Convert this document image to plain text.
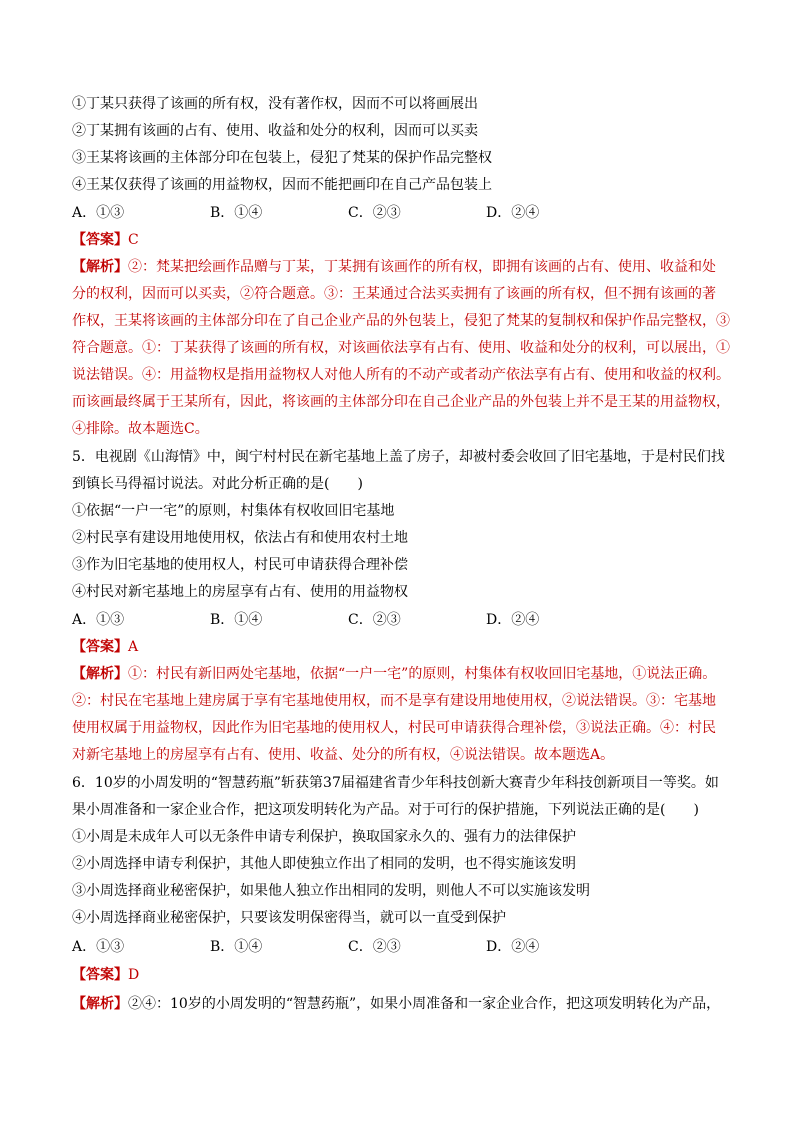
①丁某只获得了该画的所有权，没有著作权，因而不可以将画展出
②丁某拥有该画的占有、使用、收益和处分的权利，因而可以买卖
③王某将该画的主体部分印在包装上，侵犯了梵某的保护作品完整权
④王某仅获得了该画的用益物权，因而不能把画印在自己产品包装上
A．①③	B．①④	C．②③	D．②④
【答案】C
【解析】②：梵某把绘画作品赠与丁某，丁某拥有该画作的所有权，即拥有该画的占有、使用、收益和处
分的权利，因而可以买卖，②符合题意。③：王某通过合法买卖拥有了该画的所有权，但不拥有该画的著
作权，王某将该画的主体部分印在了自己企业产品的外包装上，侵犯了梵某的复制权和保护作品完整权，③
符合题意。①：丁某获得了该画的所有权，对该画依法享有占有、使用、收益和处分的权利，可以展出，①
说法错误。④：用益物权是指用益物权人对他人所有的不动产或者动产依法享有占有、使用和收益的权利。
而该画最终属于王某所有，因此，将该画的主体部分印在自己企业产品的外包装上并不是王某的用益物权，
④排除。故本题选C。
5．电视剧《山海情》中，闽宁村村民在新宅基地上盖了房子，却被村委会收回了旧宅基地，于是村民们找
到镇长马得福讨说法。对此分析正确的是(　　)
①依据“一户一宅”的原则，村集体有权收回旧宅基地
②村民享有建设用地使用权，依法占有和使用农村土地
③作为旧宅基地的使用权人，村民可申请获得合理补偿
④村民对新宅基地上的房屋享有占有、使用的用益物权
A．①③	B．①④	C．②③	D．②④
【答案】A
【解析】①：村民有新旧两处宅基地，依据“一户一宅”的原则，村集体有权收回旧宅基地，①说法正确。
②：村民在宅基地上建房属于享有宅基地使用权，而不是享有建设用地使用权，②说法错误。③：宅基地
使用权属于用益物权，因此作为旧宅基地的使用权人，村民可申请获得合理补偿，③说法正确。④：村民
对新宅基地上的房屋享有占有、使用、收益、处分的所有权，④说法错误。故本题选A。
6．10岁的小周发明的“智慧药瓶”斩获第37届福建省青少年科技创新大赛青少年科技创新项目一等奖。如
果小周准备和一家企业合作，把这项发明转化为产品。对于可行的保护措施，下列说法正确的是(　　)
①小周是未成年人可以无条件申请专利保护，换取国家永久的、强有力的法律保护
②小周选择申请专利保护，其他人即使独立作出了相同的发明，也不得实施该发明
③小周选择商业秘密保护，如果他人独立作出相同的发明，则他人不可以实施该发明
④小周选择商业秘密保护，只要该发明保密得当，就可以一直受到保护
A．①③	B．①④	C．②③	D．②④
【答案】D
【解析】②④：10岁的小周发明的“智慧药瓶”，如果小周准备和一家企业合作，把这项发明转化为产品，
